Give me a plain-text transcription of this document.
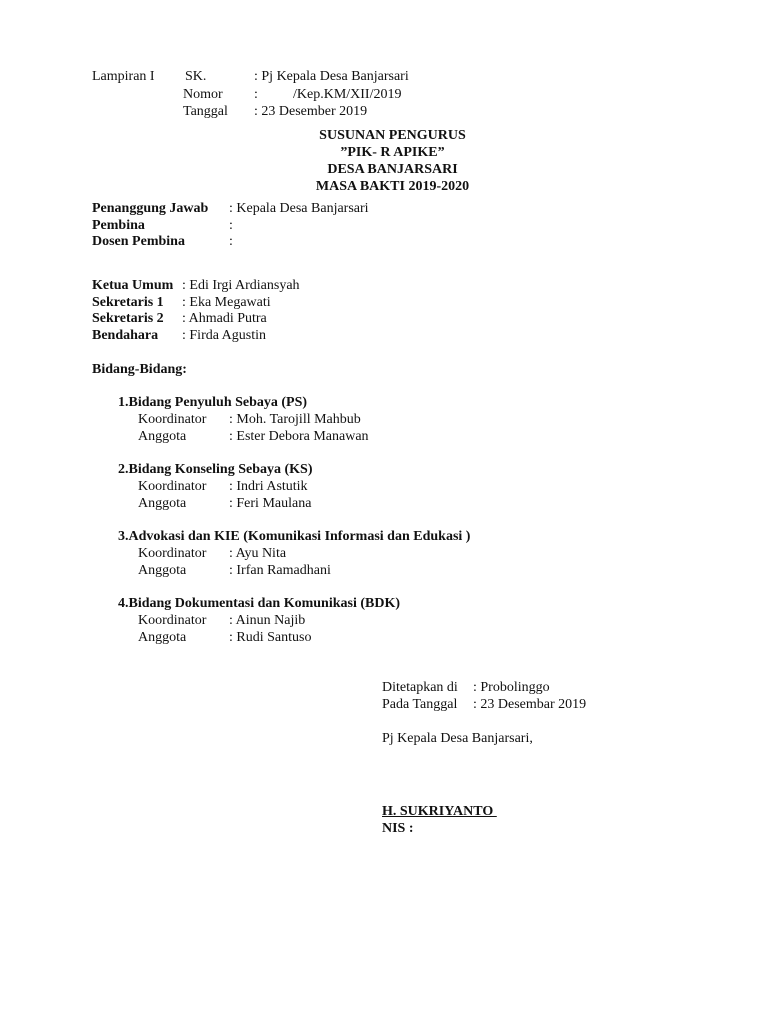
Lampiran I SK.	: Pj Kepala Desa Banjarsari
Nomor :	/Kep.KM/XII/2019
Tanggal : 23 Desember 2019
SUSUNAN PENGURUS
”PIK- R APIKE”
DESA BANJARSARI
MASA BAKTI 2019-2020
Penanggung Jawab : Kepala Desa Banjarsari
Pembina	:
Dosen Pembina	:
Ketua Umum : Edi Irgi Ardiansyah
Sekretaris 1 : Eka Megawati
Sekretaris 2 : Ahmadi Putra
Bendahara : Firda Agustin
Bidang-Bidang:
1.Bidang Penyuluh Sebaya (PS)
Koordinator : Moh. Tarojill Mahbub
Anggota	: Ester Debora Manawan
2.Bidang Konseling Sebaya (KS)
Koordinator : Indri Astutik
Anggota	: Feri Maulana
3.Advokasi dan KIE (Komunikasi Informasi dan Edukasi )
Koordinator : Ayu Nita
Anggota	: Irfan Ramadhani
4.Bidang Dokumentasi dan Komunikasi (BDK)
Koordinator : Ainun Najib
Anggota	: Rudi Santuso
Ditetapkan di : Probolinggo
Pada Tanggal : 23 Desembar 2019
Pj Kepala Desa Banjarsari,
H. SUKRIYANTO
NIS :
